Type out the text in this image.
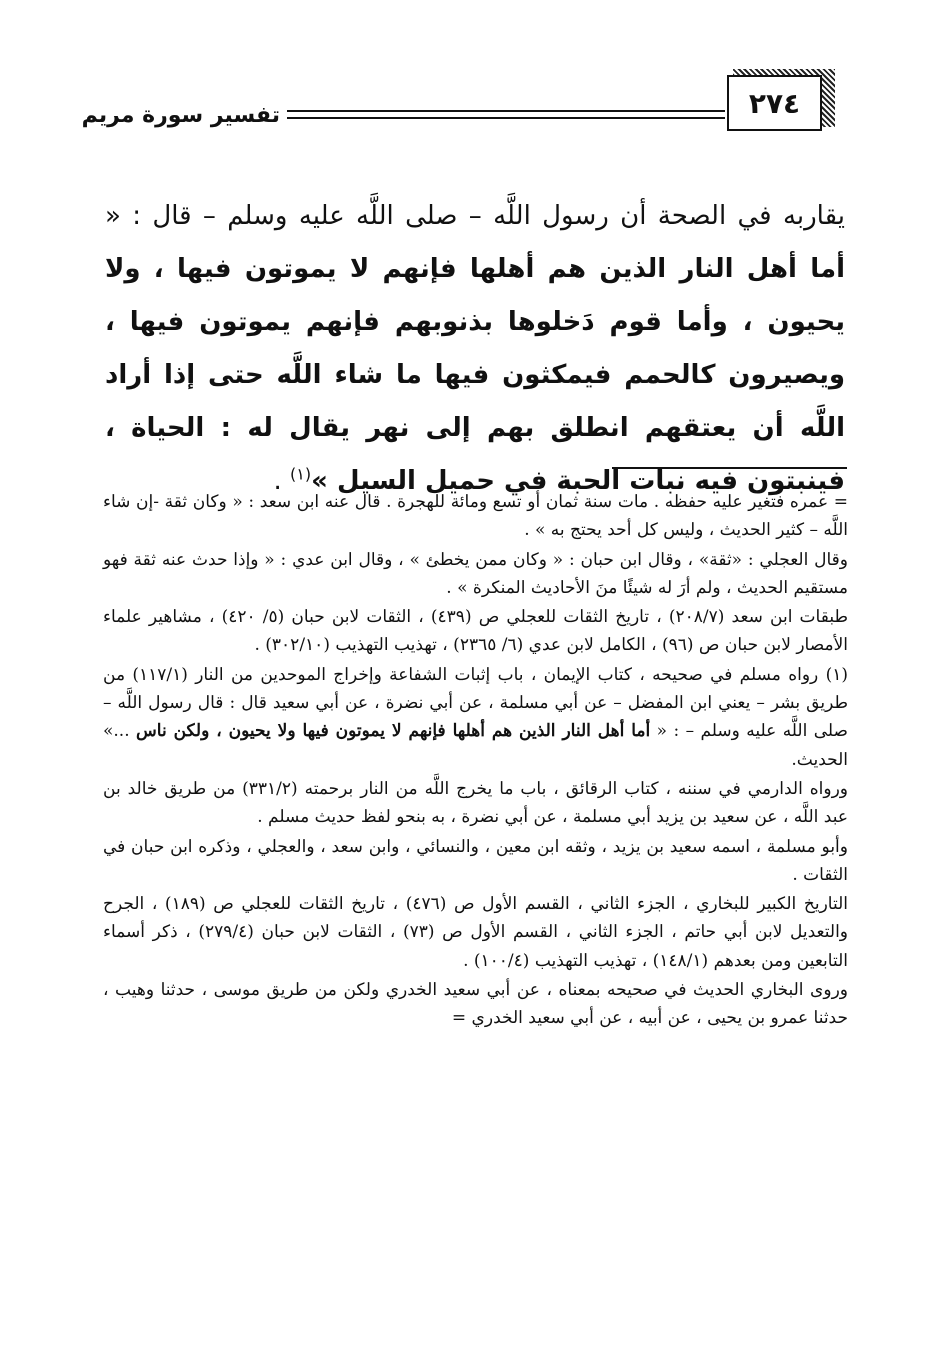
٢٧٤
تفسير سورة مريم

يقاربه في الصحة أن رسول اللَّه – صلى اللَّه عليه وسلم – قال : « أما أهل النار الذين هم أهلها فإنهم لا يموتون فيها ، ولا يحيون ، وأما قوم دَخلوها بذنوبهم فإنهم يموتون فيها ، ويصيرون كالحمم فيمكثون فيها ما شاء اللَّه حتى إذا أراد اللَّه أن يعتقهم انطلق بهم إلى نهر يقال له : الحياة ، فينبتون فيه نبات الحبة في حميل السيل »$^{(١)}$ .

= عمره فتغير عليه حفظه . مات سنة ثمان أو تسع ومائة للهجرة . قال عنه ابن سعد : « وكان ثقة -إن شاء اللَّه – كثير الحديث ، وليس كل أحد يحتج به » .

وقال العجلي : «ثقة» ، وقال ابن حبان : « وكان ممن يخطئ » ، وقال ابن عدي : « وإذا حدث عنه ثقة فهو مستقيم الحديث ، ولم أرَ له شيئًا منَ الأحاديث المنكرة » .

طبقات ابن سعد (٢٠٨/٧) ، تاريخ الثقات للعجلي ص (٤٣٩) ، الثقات لابن حبان (٥/ ٤٢٠) ، مشاهير علماء الأمصار لابن حبان ص (٩٦) ، الكامل لابن عدي (٦/ ٢٣٦٥) ، تهذيب التهذيب (٣٠٢/١٠) .

(١) رواه مسلم في صحيحه ، كتاب الإيمان ، باب إثبات الشفاعة وإخراج الموحدين من النار (١١٧/١) من طريق بشر – يعني ابن المفضل – عن أبي مسلمة ، عن أبي نضرة ، عن أبي سعيد قال : قال رسول اللَّه – صلى اللَّه عليه وسلم – : « أما أهل النار الذين هم أهلها فإنهم لا يموتون فيها ولا يحيون ، ولكن ناس ...» الحديث.

ورواه الدارمي في سننه ، كتاب الرقائق ، باب ما يخرج اللَّه من النار برحمته (٣٣١/٢) من طريق خالد بن عبد اللَّه ، عن سعيد بن يزيد أبي مسلمة ، عن أبي نضرة ، به بنحو لفظ حديث مسلم .

وأبو مسلمة ، اسمه سعيد بن يزيد ، وثقه ابن معين ، والنسائي ، وابن سعد ، والعجلي ، وذكره ابن حبان في الثقات .

التاريخ الكبير للبخاري ، الجزء الثاني ، القسم الأول ص (٤٧٦) ، تاريخ الثقات للعجلي ص (١٨٩) ، الجرح والتعديل لابن أبي حاتم ، الجزء الثاني ، القسم الأول ص (٧٣) ، الثقات لابن حبان (٢٧٩/٤) ، ذكر أسماء التابعين ومن بعدهم (١٤٨/١) ، تهذيب التهذيب (١٠٠/٤) .

وروى البخاري الحديث في صحيحه بمعناه ، عن أبي سعيد الخدري ولكن من طريق موسى ، حدثنا وهيب ، حدثنا عمرو بن يحيى ، عن أبيه ، عن أبي سعيد الخدري =
